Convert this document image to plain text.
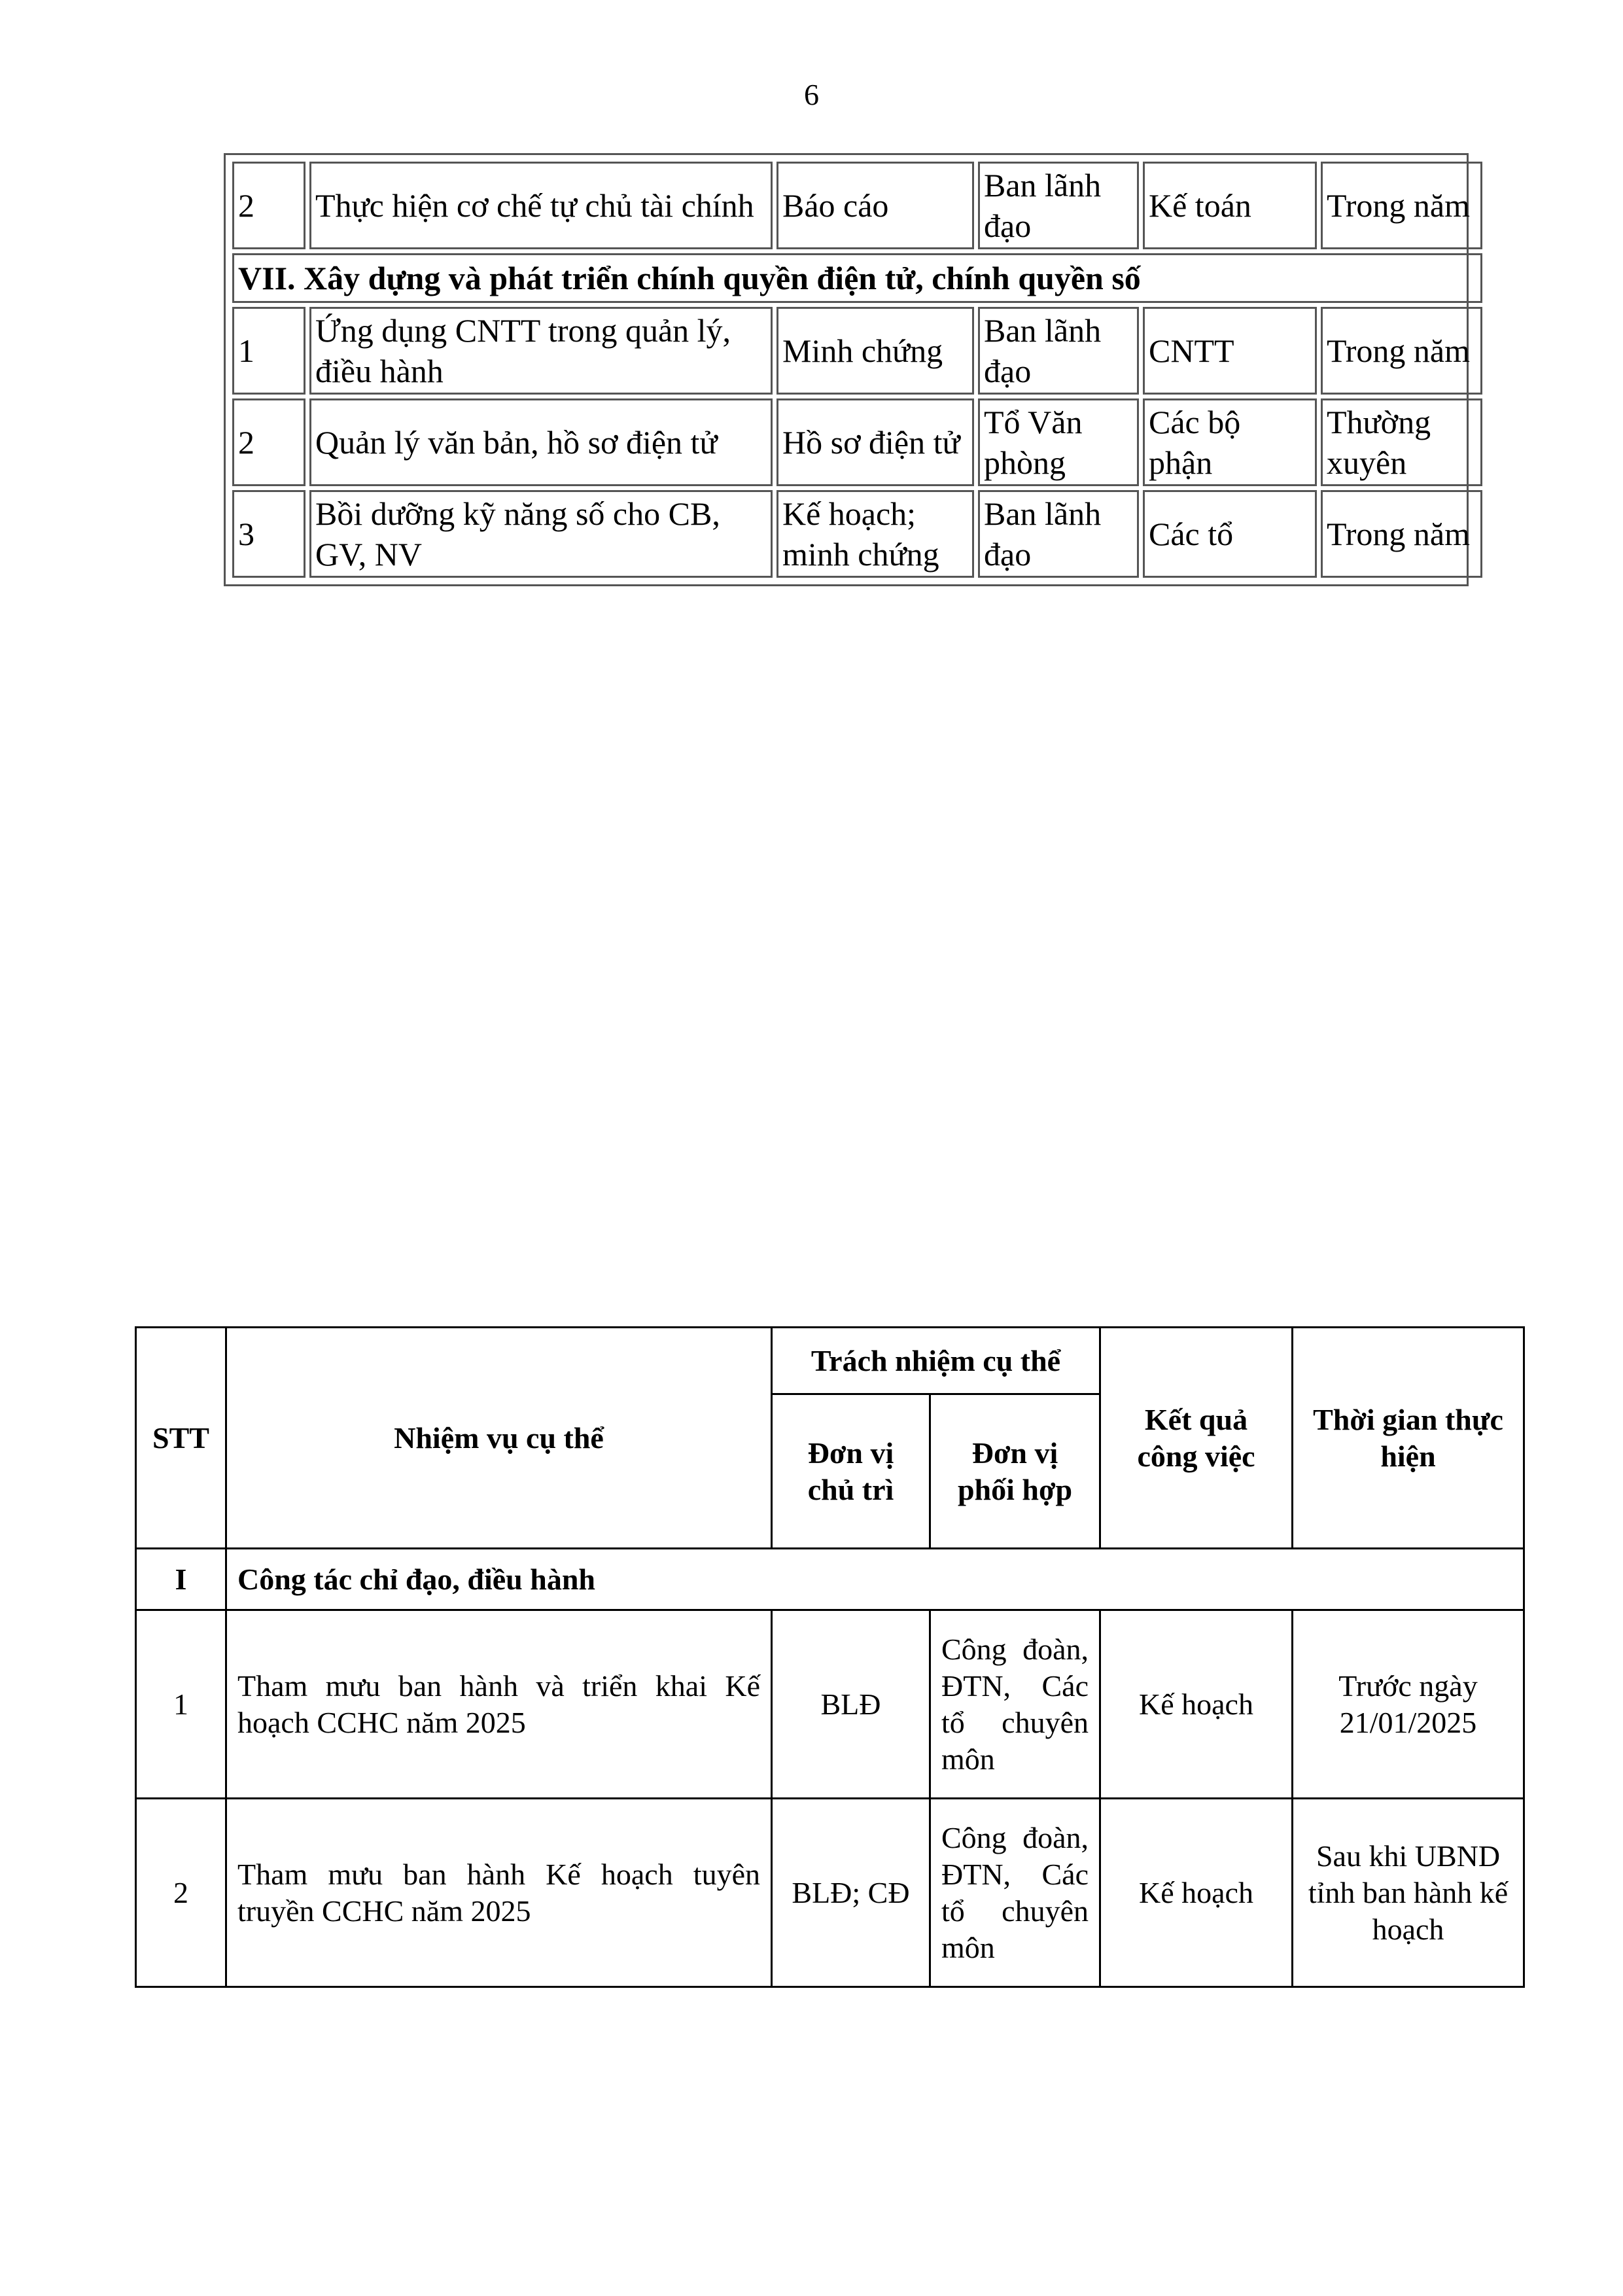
6
2	Thực hiện cơ chế tự chủ tài chính	Báo cáo	Ban lãnh đạo	Kế toán	Trong năm
VII. Xây dựng và phát triển chính quyền điện tử, chính quyền số					
1	Ứng dụng CNTT trong quản lý, điều hành	Minh chứng	Ban lãnh đạo	CNTT	Trong năm
2	Quản lý văn bản, hồ sơ điện tử	Hồ sơ điện tử	Tổ Văn phòng	Các bộ phận	Thường xuyên
3	Bồi dưỡng kỹ năng số cho CB, GV, NV	Kế hoạch; minh chứng	Ban lãnh đạo	Các tổ	Trong năm
STT	Nhiệm vụ cụ thể	Trách nhiệm cụ thể		Kết quả công việc	Thời gian thực hiện
		Đơn vị chủ trì	Đơn vị phối hợp		
I	Công tác chỉ đạo, điều hành				
1	Tham mưu ban hành và triển khai Kế hoạch CCHC năm 2025	BLĐ	Công đoàn, ĐTN, Các tổ chuyên môn	Kế hoạch	Trước ngày 21/01/2025
2	Tham mưu ban hành Kế hoạch tuyên truyền CCHC năm 2025	BLĐ; CĐ	Công đoàn, ĐTN, Các tổ chuyên môn	Kế hoạch	Sau khi UBND tỉnh ban hành kế hoạch
